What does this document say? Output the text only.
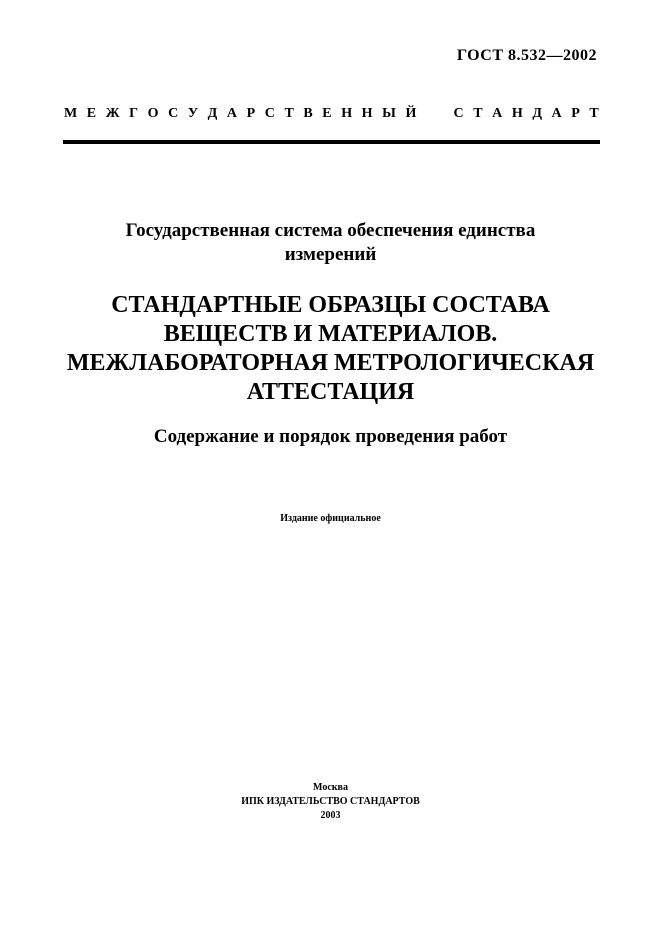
ГОСТ 8.532—2002
М Е Ж Г О С У Д А Р С Т В Е Н Н Ы Й	С Т А Н Д А Р Т
Государственная система обеспечения единства
измерений
СТАНДАРТНЫЕ ОБРАЗЦЫ СОСТАВА
ВЕЩЕСТВ И МАТЕРИАЛОВ.
МЕЖЛАБОРАТОРНАЯ МЕТРОЛОГИЧЕСКАЯ
АТТЕСТАЦИЯ
Содержание и порядок проведения работ
Издание официальное
Москва
ИПК ИЗДАТЕЛЬСТВО СТАНДАРТОВ
2003
